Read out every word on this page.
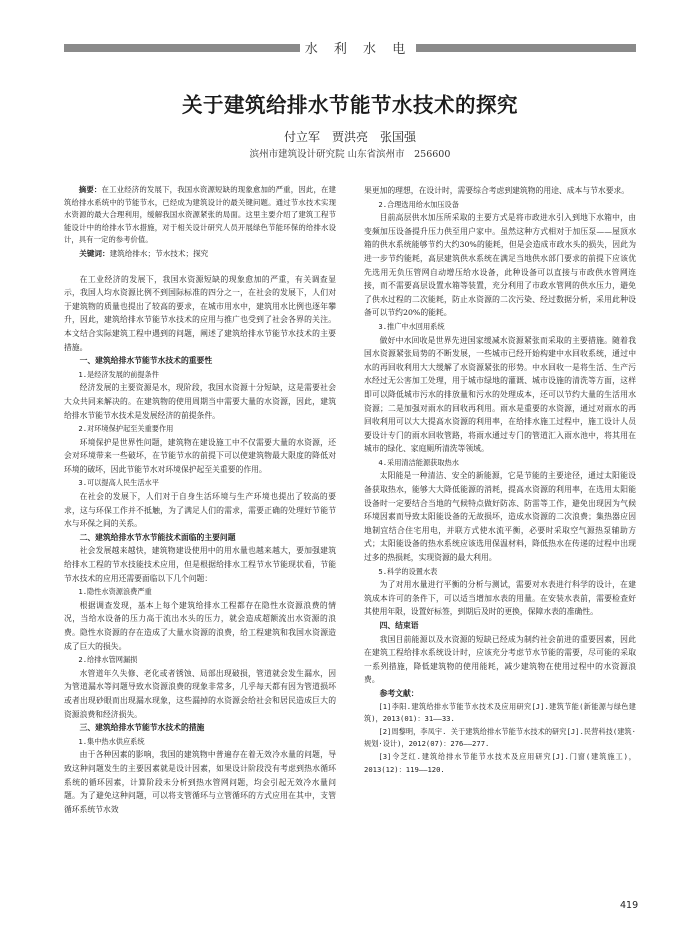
水 利 水 电
关于建筑给排水节能节水技术的探究
付立军　贾洪亮　张国强
滨州市建筑设计研究院 山东省滨州市　256600

摘要：在工业经济的发展下，我国水资源短缺的现象愈加的严重，因此，在建筑给排水系统中的节能节水，已经成为建筑设计的最关键问题。通过节水技术实现水资源的最大合理利用，缓解我国水资源紧张的局面。这里主要介绍了建筑工程节能设计中的给排水节水措施，对于相关设计研究人员开展绿色节能环保的给排水设计，具有一定的参考价值。

关键词：建筑给排水；节水技术；探究

在工业经济的发展下，我国水资源短缺的现象愈加的严重，有关调查显示，我国人均水资源比例不到国际标准的四分之一，在社会的发展下，人们对于建筑物的质量也提出了较高的要求，在城市用水中，建筑用水比例也逐年攀升，因此，建筑给排水节能节水技术的应用与推广也受到了社会各界的关注。本文结合实际建筑工程中遇到的问题，阐述了建筑给排水节能节水技术的主要措施。

一、建筑给排水节能节水技术的重要性

1.是经济发展的前提条件

经济发展的主要资源是水，现阶段，我国水资源十分短缺，这是需要社会大众共同来解决的。在建筑物的使用周期当中需要大量的水资源，因此，建筑给排水节能节水技术是发展经济的前提条件。

2.对环境保护起至关重要作用

环境保护是世界性问题，建筑物在建设施工中不仅需要大量的水资源，还会对环境带来一些破坏，在节能节水的前提下可以使建筑物最大限度的降低对环境的破坏，因此节能节水对环境保护起至关重要的作用。

3.可以提高人民生活水平

在社会的发展下，人们对于自身生活环境与生产环境也提出了较高的要求，这与环保工作并不抵触，为了满足人们的需求，需要正确的处理好节能节水与环保之间的关系。

二、建筑给排水节水节能技术面临的主要问题

社会发展越来越快，建筑物建设使用中的用水量也越来越大，要加强建筑给排水工程的节水技能技术应用，但是根据给排水工程节水节能现状看，节能节水技术的应用还需要面临以下几个问题：

1.隐性水资源浪费严重

根据调查发现，基本上每个建筑给排水工程都存在隐性水资源浪费的情况，当给水设备的压力高于流出水头的压力，就会造成超额流出水资源的浪费。隐性水资源的存在造成了大量水资源的浪费，给工程建筑和我国水资源造成了巨大的损失。

2.给排水管网漏损

水管道年久失修、老化或者锈蚀、局部出现破损，管道就会发生漏水，因为管道漏水等问题导致水资源浪费的现象非常多，几乎每天都有因为管道损坏或者出现砂眼而出现漏水现象，这些漏掉的水资源会给社会和居民造成巨大的资源浪费和经济损失。

三、建筑给排水节能节水技术的措施

1.集中热水供应系统

由于各种因素的影响，我国的建筑物中普遍存在着无效冷水量的问题，导致这种问题发生的主要因素就是设计因素，如果设计阶段没有考虑到热水循环系统的循环因素，计算阶段未分析到热水管网问题，均会引起无效冷水量问题。为了避免这种问题，可以将支管循环与立管循环的方式应用在其中，支管循环系统节水效

果更加的理想，在设计时，需要综合考虑到建筑物的用途、成本与节水要求。

2.合理选用给水加压设备

目前高层供水加压所采取的主要方式是将市政进水引入到地下水箱中，由变频加压设备提升压力供至用户家中。虽然这种方式相对于加压泵——屋顶水箱的供水系统能够节约大约30%的能耗，但是会造成市政水头的损失，因此为进一步节约能耗，高层建筑供水系统在满足当地供水部门要求的前提下应该优先选用无负压管网自动增压给水设备，此种设备可以直接与市政供水管网连接，而不需要高层设置水箱等装置，充分利用了市政水管网的供水压力，避免了供水过程的二次能耗，防止水资源的二次污染、经过数据分析，采用此种设备可以节约20%的能耗。

3.推广中水回用系统

做好中水回收是世界先进国家缓减水资源紧张而采取的主要措施。随着我国水资源紧张局势的不断发展，一些城市已经开始构建中水回收系统，通过中水的再回收利用大大缓解了水资源紧张的形势。中水回收一是将生活、生产污水经过无公害加工处理，用于城市绿地的灌溉、城市设施的清洗等方面，这样即可以降低城市污水的排放量和污水的处理成本，还可以节约大量的生活用水资源；二是加强对雨水的回收再利用。雨水是重要的水资源，通过对雨水的再回收利用可以大大提高水资源的利用率，在给排水施工过程中，施工设计人员要设计专门的雨水回收管路，将雨水通过专门的管道汇入雨水池中，将其用在城市的绿化、家庭厕所清洗等领域。

4.采用清洁能源获取热水

太阳能是一种清洁、安全的新能源，它是节能的主要途径，通过太阳能设备获取热水，能够大大降低能源的消耗，提高水资源的利用率，在选用太阳能设备时一定要结合当地的气候特点做好防冻、防雷等工作，避免出现因为气候环境因素而导致太阳能设备的无故损坏，造成水资源的二次浪费；集热器应因地制宜结合住宅用电，并联方式使水流平衡，必要时采取空气源热泵辅助方式；太阳能设备的热水系统应该选用保温材料，降低热水在传递的过程中出现过多的热损耗，实现资源的最大利用。

5.科学的设置水表

为了对用水量进行平衡的分析与测试，需要对水表进行科学的设计，在建筑成本许可的条件下，可以适当增加水表的用量。在安装水表前，需要检查好其使用年限，设置好标签，到期后及时的更换，保障水表的准确性。

四、结束语

我国目前能源以及水资源的短缺已经成为制约社会前进的重要因素，因此在建筑工程给排水系统设计时，应该充分考虑节水节能的需要，尽可能的采取一系列措施，降低建筑物的使用能耗，减少建筑物在使用过程中的水资源浪费。

参考文献：

[1]李阳.建筑给排水节能节水技术及应用研究[J].建筑节能(新能源与绿色建筑)，2013(01)：31——33.

[2]周黎明，李凤宇. 关于建筑给排水节能节水技术的研究[J].民营科技(建筑·规划·设计)，2012(07)：276——277.

[3]令芝红.建筑给排水节能节水技术及应用研究[J].门窗(建筑施工)，2013(12)：119——120.

419
